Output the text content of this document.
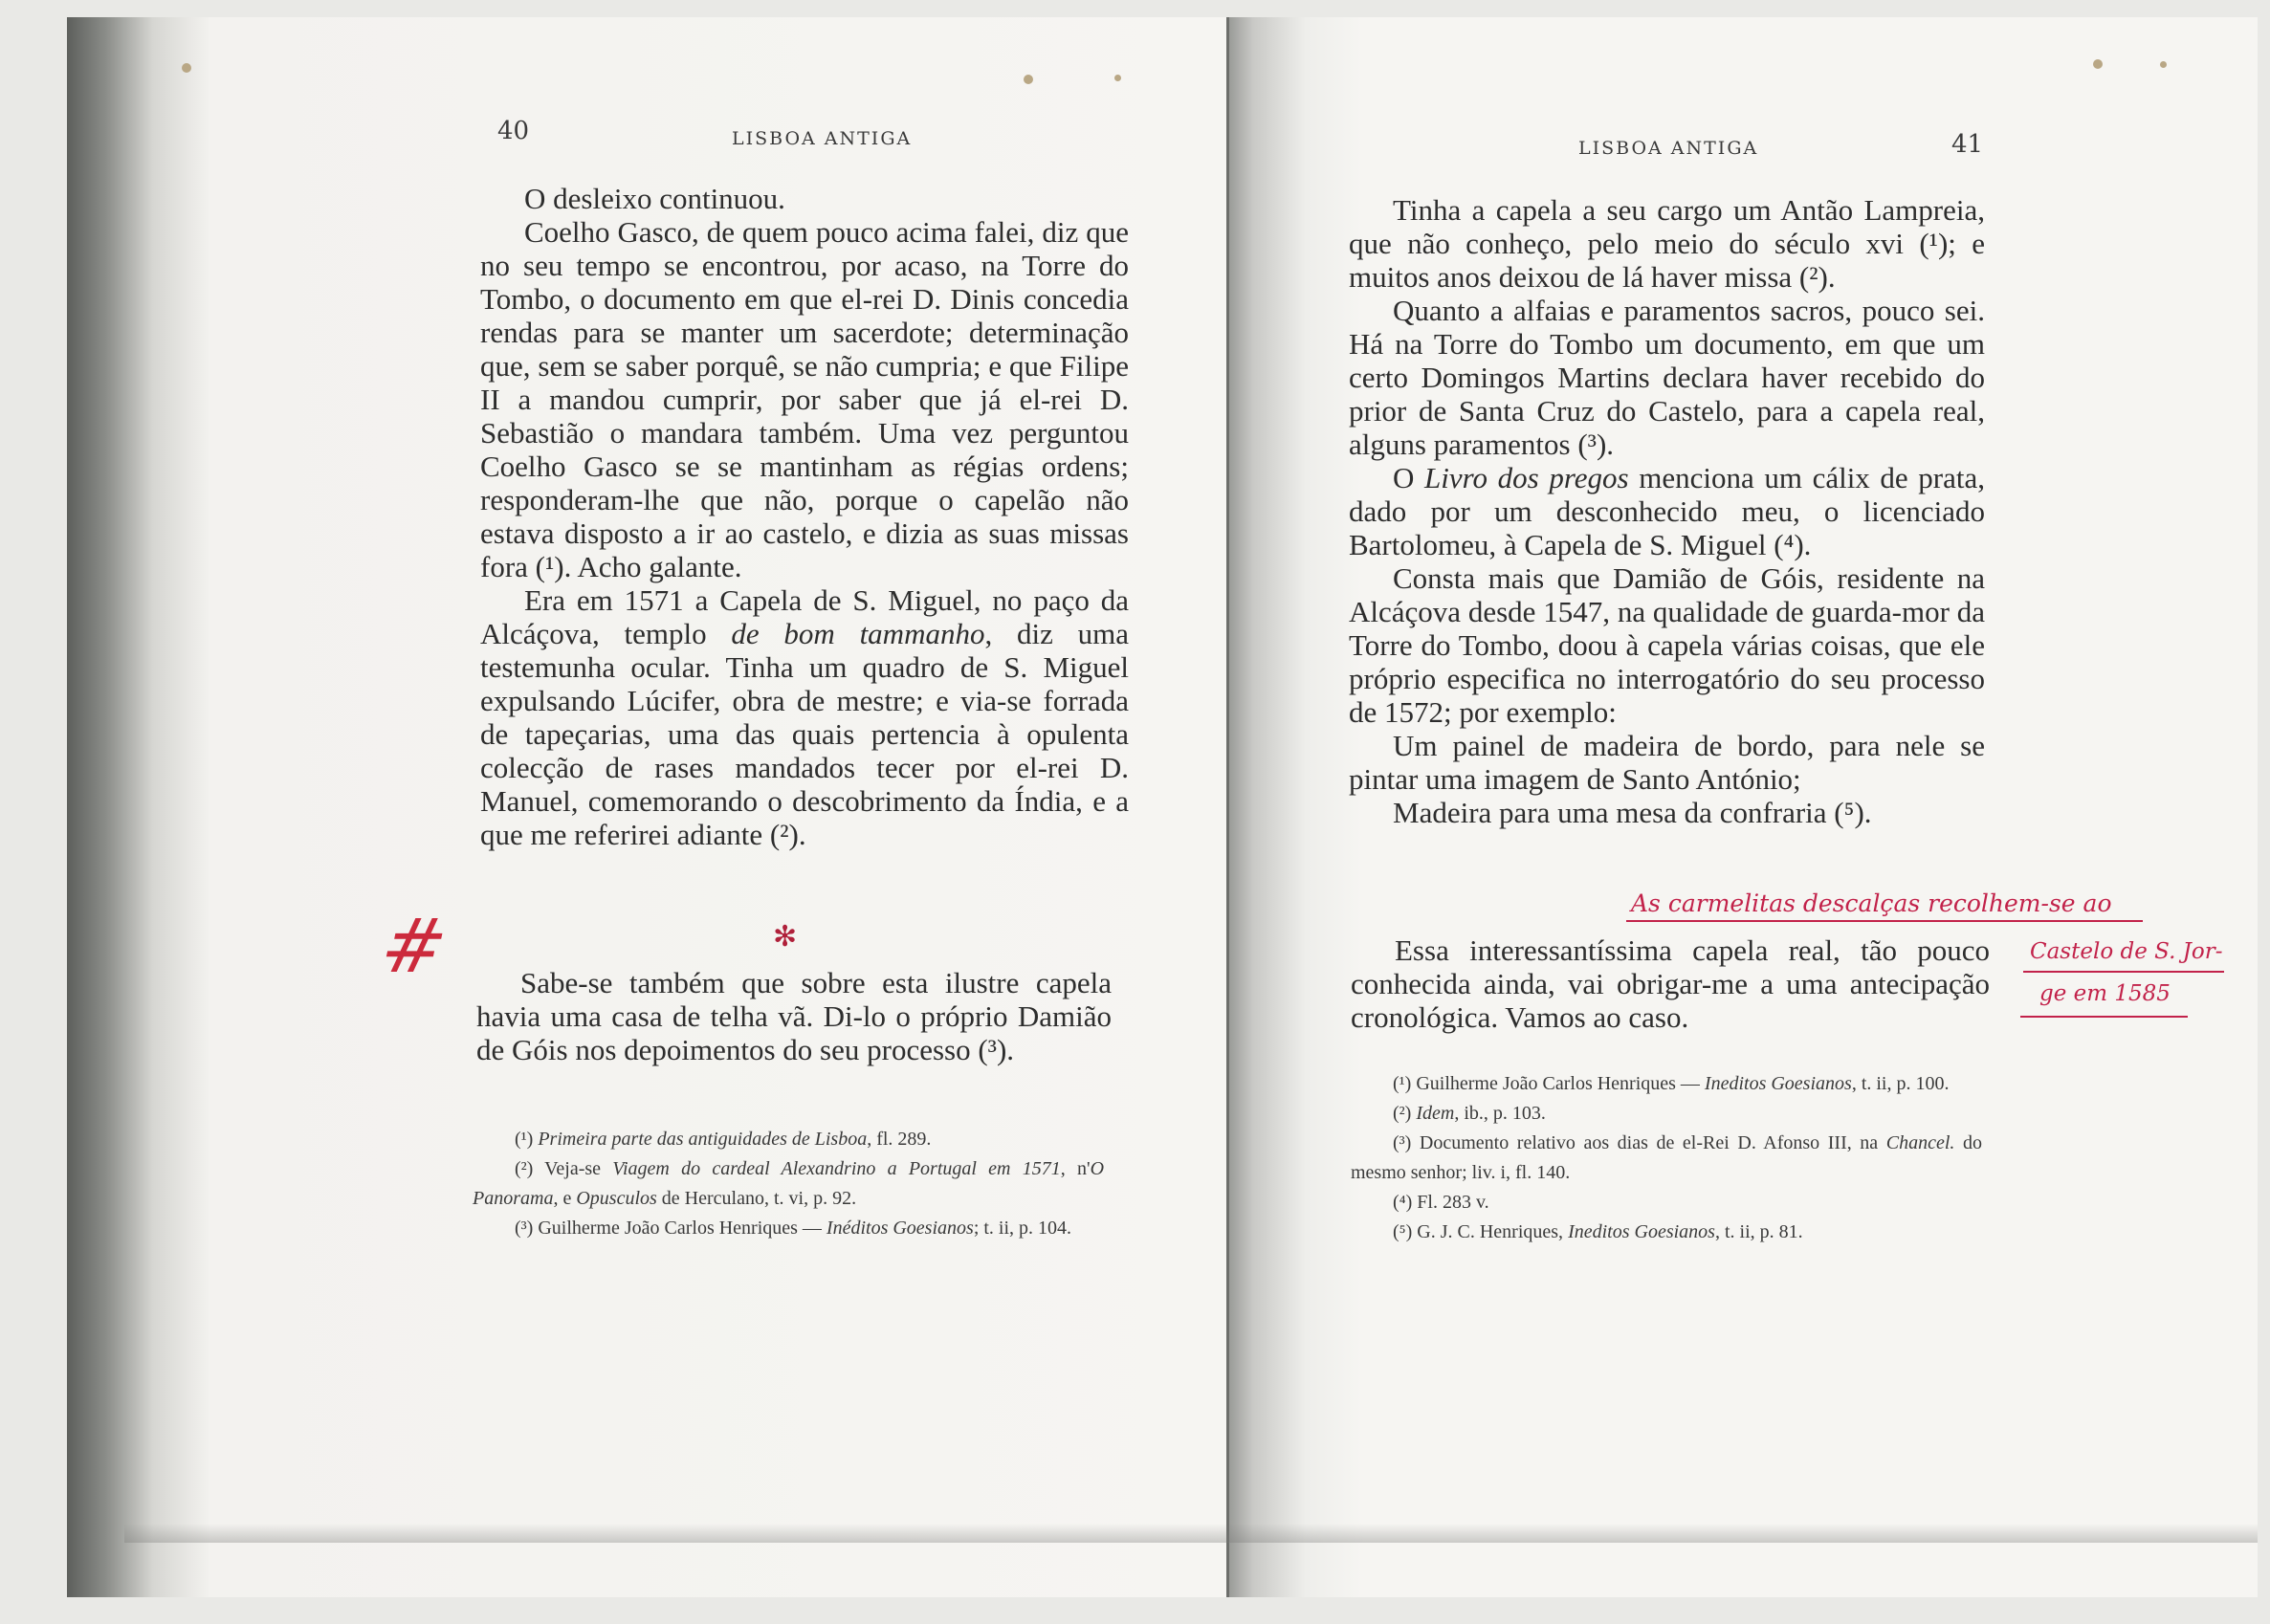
40	LISBOA ANTIGA

O desleixo continuou.

Coelho Gasco, de quem pouco acima falei, diz que no seu tempo se encontrou, por acaso, na Torre do Tombo, o documento em que el-rei D. Dinis concedia rendas para se manter um sacerdote; determinação que, sem se saber porquê, se não cumpria; e que Filipe II a mandou cumprir, por saber que já el-rei D. Sebastião o mandara também. Uma vez perguntou Coelho Gasco se se mantinham as régias ordens; responderam-lhe que não, porque o capelão não estava disposto a ir ao castelo, e dizia as suas missas fora (¹). Acho galante.

Era em 1571 a Capela de S. Miguel, no paço da Alcáçova, templo de bom tammanho, diz uma testemunha ocular. Tinha um quadro de S. Miguel expulsando Lúcifer, obra de mestre; e via-se forrada de tapeçarias, uma das quais pertencia à opulenta colecção de rases mandados tecer por el-rei D. Manuel, comemorando o descobrimento da Índia, e a que me referirei adiante (²).

✻
#	Sabe-se também que sobre esta ilustre capela havia uma casa de telha vã. Di-lo o próprio Damião de Góis nos depoimentos do seu processo (³).

(¹) Primeira parte das antiguidades de Lisboa, fl. 289.

(²) Veja-se Viagem do cardeal Alexandrino a Portugal em 1571, n'O Panorama, e Opusculos de Herculano, t. vi, p. 92.

(³) Guilherme João Carlos Henriques — Inéditos Goesianos; t. ii, p. 104.

LISBOA ANTIGA	41

Tinha a capela a seu cargo um Antão Lampreia, que não conheço, pelo meio do século xvi (¹); e muitos anos deixou de lá haver missa (²).

Quanto a alfaias e paramentos sacros, pouco sei. Há na Torre do Tombo um documento, em que um certo Domingos Martins declara haver recebido do prior de Santa Cruz do Castelo, para a capela real, alguns paramentos (³).

O Livro dos pregos menciona um cálix de prata, dado por um desconhecido meu, o licenciado Bartolomeu, à Capela de S. Miguel (⁴).

Consta mais que Damião de Góis, residente na Alcáçova desde 1547, na qualidade de guarda-mor da Torre do Tombo, doou à capela várias coisas, que ele próprio especifica no interrogatório do seu processo de 1572; por exemplo:

Um painel de madeira de bordo, para nele se pintar uma imagem de Santo António;

Madeira para uma mesa da confraria (⁵).

Essa interessantíssima capela real, tão pouco conhecida ainda, vai obrigar-me a uma antecipação cronológica. Vamos ao caso.

(¹) Guilherme João Carlos Henriques — Ineditos Goesianos, t. ii, p. 100.

(²) Idem, ib., p. 103.

(³) Documento relativo aos dias de el-Rei D. Afonso III, na Chancel. do mesmo senhor; liv. i, fl. 140.

(⁴) Fl. 283 v.

(⁵) G. J. C. Henriques, Ineditos Goesianos, t. ii, p. 81.

As carmelitas descalças recolhem-se ao
Castelo de S. Jor-
ge em 1585
